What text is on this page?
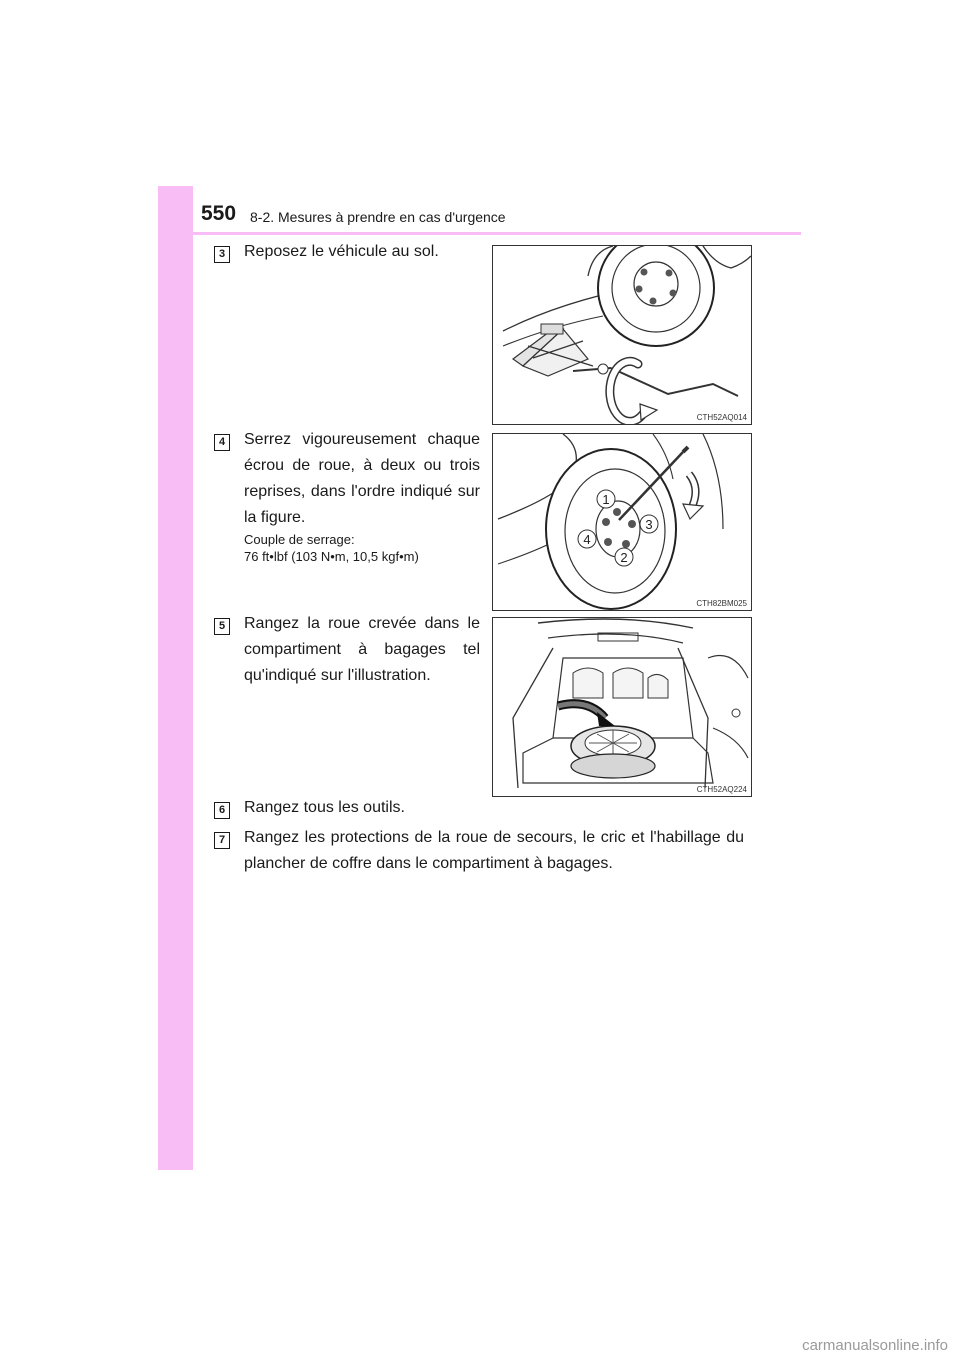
550 8-2. Mesures à prendre en cas d'urgence
3	Reposez le véhicule au sol.
CTH52AQ014
4	Serrez vigoureusement chaque écrou de roue, à deux ou trois reprises, dans l'ordre indiqué sur la figure.
Couple de serrage:
76 ft•lbf (103 N•m, 10,5 kgf•m)
1
2
3
4
CTH82BM025
5	Rangez la roue crevée dans le compartiment à bagages tel qu'indiqué sur l'illustration.
CTH52AQ224
6	Rangez tous les outils.
7	Rangez les protections de la roue de secours, le cric et l'habillage du plancher de coffre dans le compartiment à bagages.
carmanualsonline.info
